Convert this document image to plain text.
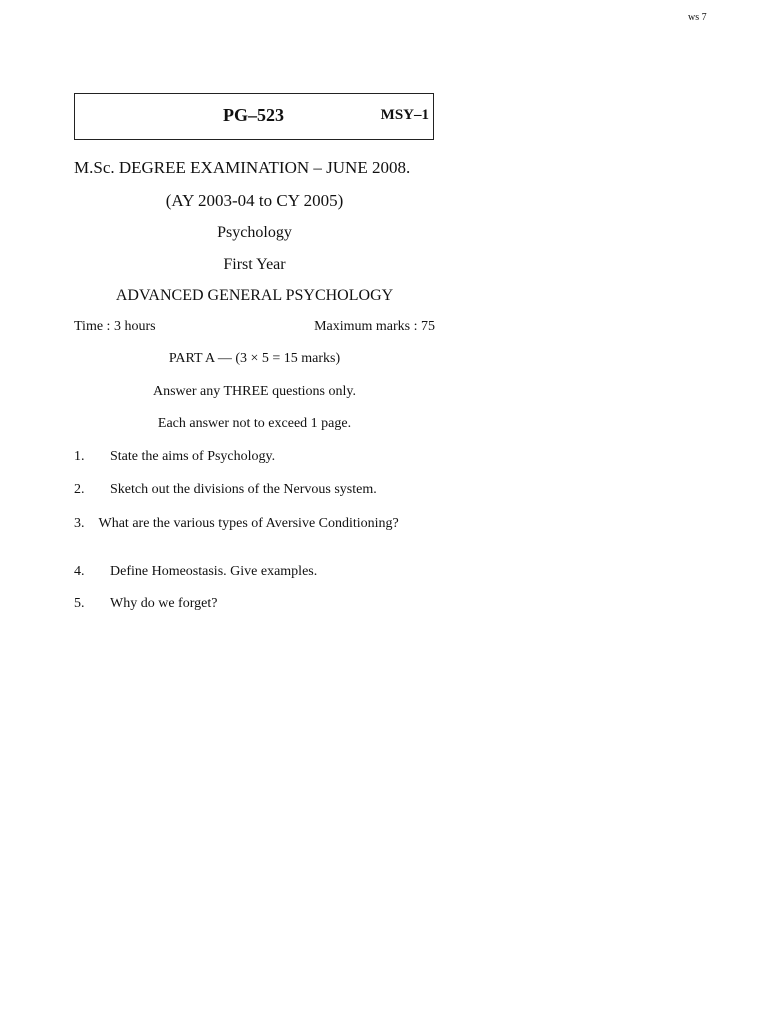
ws 7
PG–523	MSY–1
M.Sc. DEGREE EXAMINATION – JUNE 2008.
(AY 2003-04 to CY 2005)
Psychology
First Year
ADVANCED GENERAL PSYCHOLOGY
Time : 3 hours	Maximum marks : 75
PART A — (3 × 5 = 15 marks)
Answer any THREE questions only.
Each answer not to exceed 1 page.
1.	State the aims of Psychology.
2.	Sketch out the divisions of the Nervous system.
3. What are the various types of Aversive Conditioning?
4.	Define Homeostasis. Give examples.
5.	Why do we forget?
